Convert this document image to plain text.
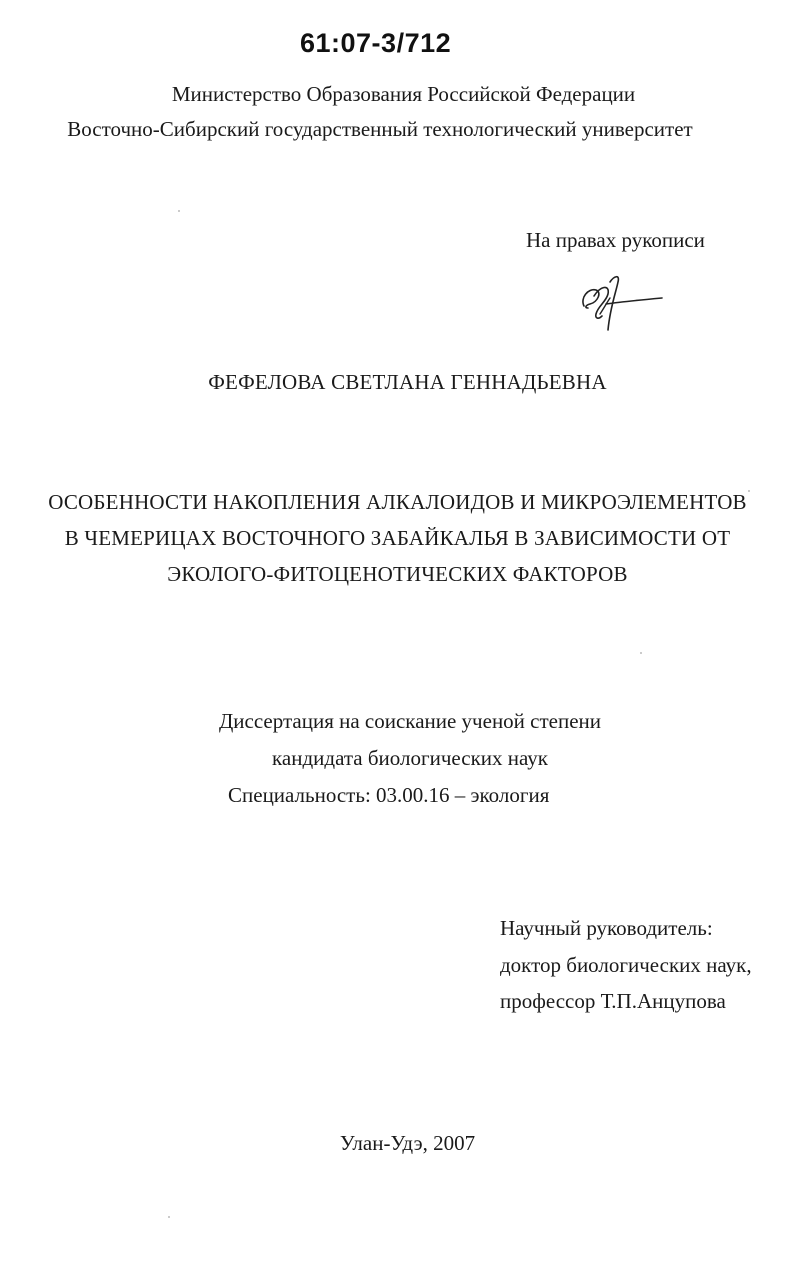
61:07-3/712
Министерство Образования Российской Федерации
Восточно-Сибирский государственный технологический университет
На правах рукописи
ФЕФЕЛОВА СВЕТЛАНА ГЕННАДЬЕВНА
ОСОБЕННОСТИ НАКОПЛЕНИЯ АЛКАЛОИДОВ И МИКРОЭЛЕМЕНТОВ
В ЧЕМЕРИЦАХ ВОСТОЧНОГО ЗАБАЙКАЛЬЯ В ЗАВИСИМОСТИ ОТ
ЭКОЛОГО-ФИТОЦЕНОТИЧЕСКИХ ФАКТОРОВ
Диссертация на соискание ученой степени
кандидата биологических наук
Специальность: 03.00.16 – экология
Научный руководитель:
доктор биологических наук,
профессор Т.П.Анцупова
Улан-Удэ, 2007
